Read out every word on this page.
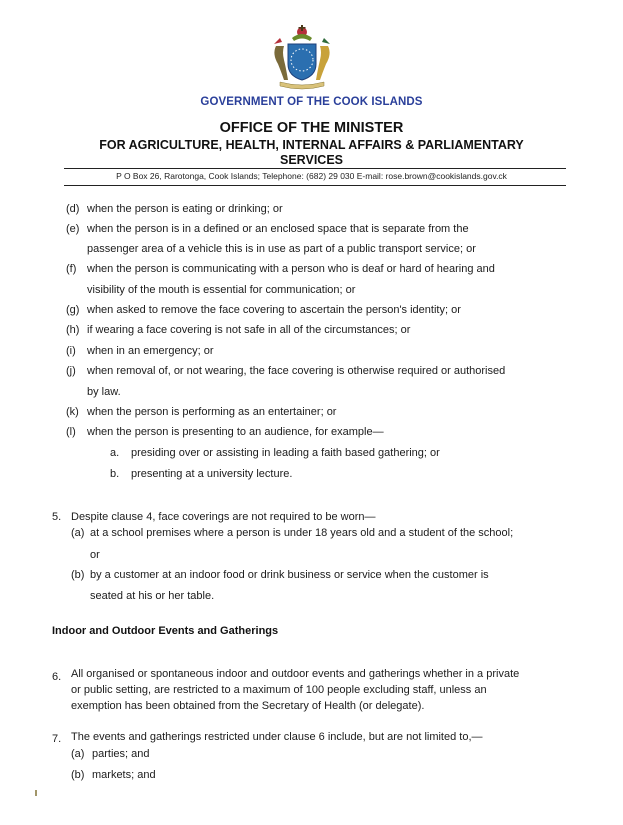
GOVERNMENT OF THE COOK ISLANDS
OFFICE OF THE MINISTER
FOR AGRICULTURE, HEALTH, INTERNAL AFFAIRS & PARLIAMENTARY
SERVICES
P O Box 26, Rarotonga, Cook Islands; Telephone: (682) 29 030 E-mail: rose.brown@cookislands.gov.ck
(d) when the person is eating or drinking; or
(e) when the person is in a defined or an enclosed space that is separate from the
passenger area of a vehicle this is in use as part of a public transport service; or
(f) when the person is communicating with a person who is deaf or hard of hearing and
visibility of the mouth is essential for communication; or
(g) when asked to remove the face covering to ascertain the person's identity; or
(h) if wearing a face covering is not safe in all of the circumstances; or
(i) when in an emergency; or
(j) when removal of, or not wearing, the face covering is otherwise required or authorised
by law.
(k) when the person is performing as an entertainer; or
(l) when the person is presenting to an audience, for example—
a. presiding over or assisting in leading a faith based gathering; or
b. presenting at a university lecture.
5. Despite clause 4, face coverings are not required to be worn—
(a) at a school premises where a person is under 18 years old and a student of the school;
or
(b) by a customer at an indoor food or drink business or service when the customer is
seated at his or her table.
Indoor and Outdoor Events and Gatherings
6. All organised or spontaneous indoor and outdoor events and gatherings whether in a private
or public setting, are restricted to a maximum of 100 people excluding staff, unless an
exemption has been obtained from the Secretary of Health (or delegate).
7. The events and gatherings restricted under clause 6 include, but are not limited to,—
(a) parties; and
(b) markets; and
